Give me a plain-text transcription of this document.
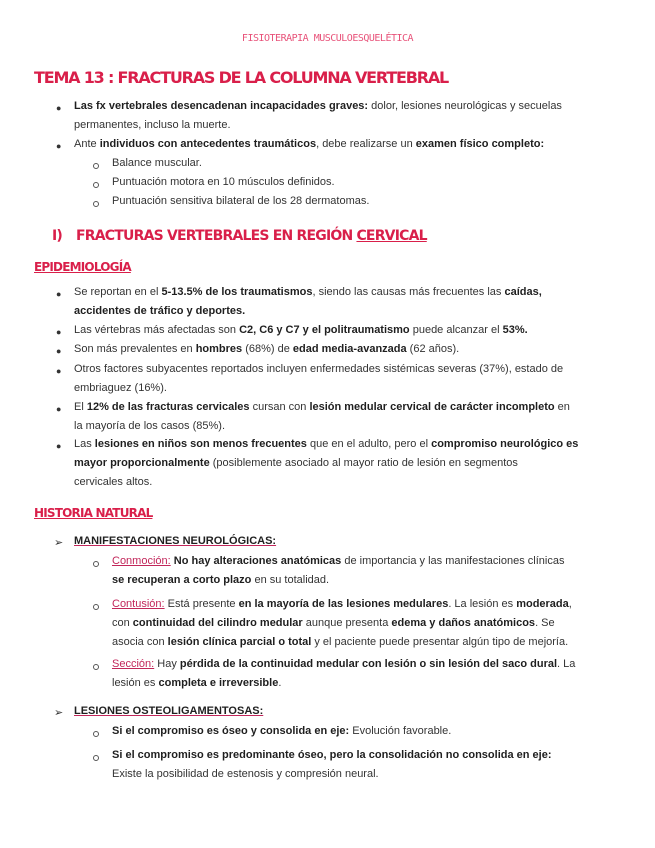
FISIOTERAPIA MUSCULOESQUELÉTICA
TEMA 13 : FRACTURAS DE LA COLUMNA VERTEBRAL
● Las fx vertebrales desencadenan incapacidades graves: dolor, lesiones neurológicas y secuelas
permanentes, incluso la muerte.
● Ante individuos con antecedentes traumáticos, debe realizarse un examen físico completo:
Balance muscular.
Puntuación motora en 10 músculos definidos.
Puntuación sensitiva bilateral de los 28 dermatomas.
I) FRACTURAS VERTEBRALES EN REGIÓN CERVICAL
EPIDEMIOLOGÍA
● Se reportan en el 5-13.5% de los traumatismos, siendo las causas más frecuentes las caídas,
accidentes de tráfico y deportes.
● Las vértebras más afectadas son C2, C6 y C7 y el politraumatismo puede alcanzar el 53%.
● Son más prevalentes en hombres (68%) de edad media-avanzada (62 años).
● Otros factores subyacentes reportados incluyen enfermedades sistémicas severas (37%), estado de
embriaguez (16%).
● El 12% de las fracturas cervicales cursan con lesión medular cervical de carácter incompleto en
la mayoría de los casos (85%).
● Las lesiones en niños son menos frecuentes que en el adulto, pero el compromiso neurológico es
mayor proporcionalmente (posiblemente asociado al mayor ratio de lesión en segmentos
cervicales altos.
HISTORIA NATURAL
➢ MANIFESTACIONES NEUROLÓGICAS:
Conmoción: No hay alteraciones anatómicas de importancia y las manifestaciones clínicas
se recuperan a corto plazo en su totalidad.
Contusión: Está presente en la mayoría de las lesiones medulares. La lesión es moderada,
con continuidad del cilindro medular aunque presenta edema y daños anatómicos. Se
asocia con lesión clínica parcial o total y el paciente puede presentar algún tipo de mejoría.
Sección: Hay pérdida de la continuidad medular con lesión o sin lesión del saco dural. La
lesión es completa e irreversible.
➢ LESIONES OSTEOLIGAMENTOSAS:
Si el compromiso es óseo y consolida en eje: Evolución favorable.
Si el compromiso es predominante óseo, pero la consolidación no consolida en eje:
Existe la posibilidad de estenosis y compresión neural.
